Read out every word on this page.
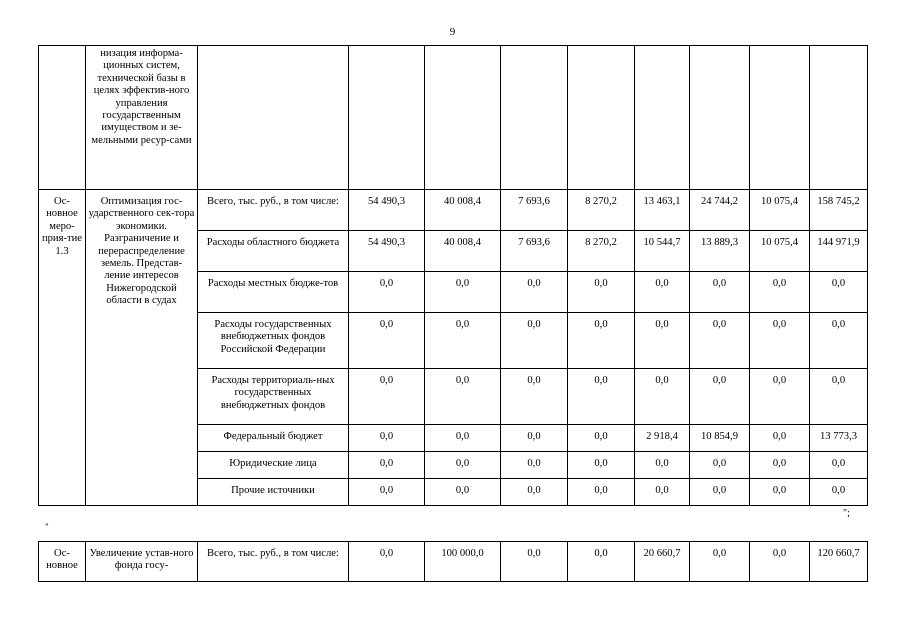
9
	низация информа-ционных систем, технической базы в целях эффектив-ного управления государственным имуществом и зе-мельными ресур-сами									
Ос-новное меро-прия-тие 1.3	Оптимизация гос-ударственного сек-тора экономики. Разграничение и перераспределение земель. Представ-ление интересов Нижегородской области в судах	Всего, тыс. руб., в том числе:	54 490,3	40 008,4	7 693,6	8 270,2	13 463,1	24 744,2	10 075,4	158 745,2
		Расходы областного бюджета	54 490,3	40 008,4	7 693,6	8 270,2	10 544,7	13 889,3	10 075,4	144 971,9
		Расходы местных бюдже-тов	0,0	0,0	0,0	0,0	0,0	0,0	0,0	0,0
		Расходы государственных внебюджетных фондов Российской Федерации	0,0	0,0	0,0	0,0	0,0	0,0	0,0	0,0
		Расходы территориаль-ных государственных внебюджетных фондов	0,0	0,0	0,0	0,0	0,0	0,0	0,0	0,0
		Федеральный бюджет	0,0	0,0	0,0	0,0	2 918,4	10 854,9	0,0	13 773,3
		Юридические лица	0,0	0,0	0,0	0,0	0,0	0,0	0,0	0,0
		Прочие источники	0,0	0,0	0,0	0,0	0,0	0,0	0,0	0,0
";
"
Ос-новное	Увеличение устав-ного фонда госу-	Всего, тыс. руб., в том числе:	0,0	100 000,0	0,0	0,0	20 660,7	0,0	0,0	120 660,7
